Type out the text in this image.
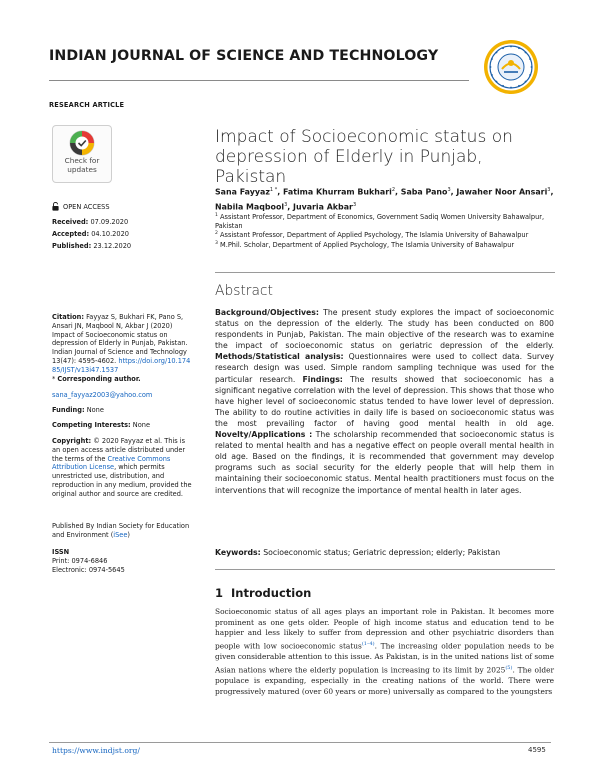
INDIAN JOURNAL OF SCIENCE AND TECHNOLOGY
RESEARCH ARTICLE
Check for
updates
OPEN ACCESS
Received: 07.09.2020
Accepted: 04.10.2020
Published: 23.12.2020
Citation: Fayyaz S, Bukhari FK, Pano S, Ansari JN, Maqbool N, Akbar J (2020) Impact of Socioeconomic status on depression of Elderly in Punjab, Pakistan. Indian Journal of Science and Technology 13(47): 4595-4602. https://doi.org/10.17485/IJST/v13i47.1537
* Corresponding author.
sana_fayyaz2003@yahoo.com
Funding: None
Competing Interests: None
Copyright: © 2020 Fayyaz et al. This is an open access article distributed under the terms of the Creative Commons Attribution License, which permits unrestricted use, distribution, and reproduction in any medium, provided the original author and source are credited.
Published By Indian Society for Education and Environment (iSee)
ISSN
Print: 0974-6846
Electronic: 0974-5645
Impact of Socioeconomic status on depression of Elderly in Punjab, Pakistan
Sana Fayyaz$^{1 *}$, Fatima Khurram Bukhari$^2$, Saba Pano$^3$, Jawaher Noor Ansari$^3$, Nabila Maqbool$^3$, Juvaria Akbar$^3$
$^1$ Assistant Professor, Department of Economics, Government Sadiq Women University Bahawalpur, Pakistan
$^2$ Assistant Professor, Department of Applied Psychology, The Islamia University of Bahawalpur
$^3$ M.Phil. Scholar, Department of Applied Psychology, The Islamia University of Bahawalpur
Abstract
Background/Objectives: The present study explores the impact of socioeconomic status on the depression of the elderly. The study has been conducted on 800 respondents in Punjab, Pakistan. The main objective of the research was to examine the impact of socioeconomic status on geriatric depression of the elderly. Methods/Statistical analysis: Questionnaires were used to collect data. Survey research design was used. Simple random sampling technique was used for the particular research. Findings: The results showed that socioeconomic has a significant negative correlation with the level of depression. This shows that those who have higher level of socioeconomic status tended to have lower level of depression. The ability to do routine activities in daily life is based on socioeconomic status was the most prevailing factor of having good mental health in old age. Novelty/Applications : The scholarship recommended that socioeconomic status is related to mental health and has a negative effect on people overall mental health in old age. Based on the findings, it is recommended that government may develop programs such as social security for the elderly people that will help them in maintaining their socioeconomic status. Mental health practitioners must focus on the interventions that will recognize the importance of mental health in later ages.
Keywords: Socioeconomic status; Geriatric depression; elderly; Pakistan
1 Introduction
Socioeconomic status of all ages plays an important role in Pakistan. It becomes more prominent as one gets older. People of high income status and education tend to be happier and less likely to suffer from depression and other psychiatric disorders than people with low socioeconomic status$^{(1-4)}$. The increasing older population needs to be given considerable attention to this issue. As Pakistan, is in the united nations list of some Asian nations where the elderly population is increasing to its limit by 2025$^{(5)}$. The older populace is expanding, especially in the creating nations of the world. There were progressively matured (over 60 years or more) universally as compared to the youngsters
https://www.indjst.org/	4595
